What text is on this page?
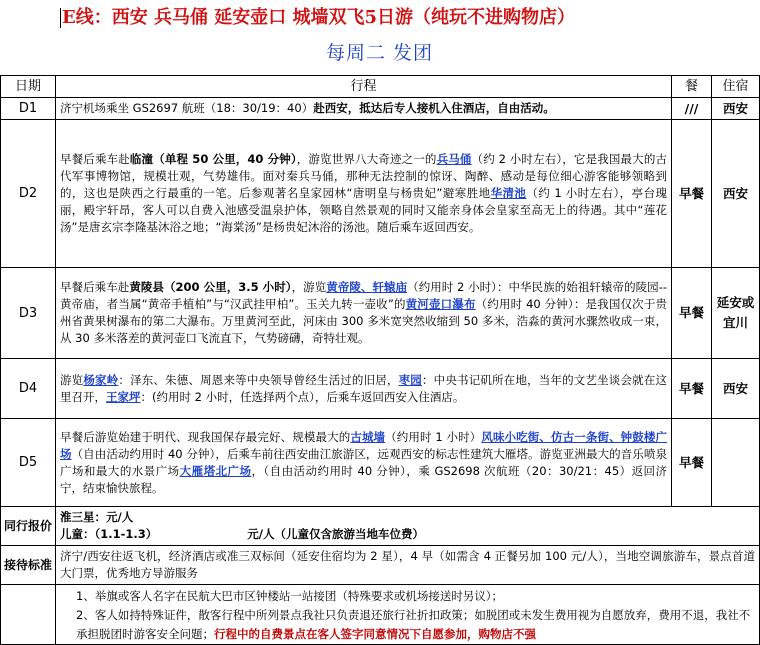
E线：西安 兵马俑 延安壶口 城墙双飞5日游（纯玩不进购物店）
每周二 发团
日期	行程	餐	住宿
D1	济宁机场乘坐 GS2697 航班（18：30/19：40）赴西安，抵达后专人接机入住酒店，自由活动。	///	西安
D2	早餐后乘车赴临潼（单程 50 公里，40 分钟），游览世界八大奇迹之一的兵马俑（约 2 小时左右），它是我国最大的古代军事博物馆，规模壮观，气势雄伟。面对秦兵马俑，那种无法控制的惊讶、陶醉、感动是每位细心游客能够领略到的，这也是陕西之行最重的一笔。后参观著名皇家园林“唐明皇与杨贵妃”避寒胜地华清池（约 1 小时左右），亭台瑰丽，殿宇轩昂，客人可以自费入池感受温泉护体，领略自然景观的同时又能亲身体会皇家至高无上的待遇。其中“莲花汤”是唐玄宗李隆基沐浴之地；“海棠汤”是杨贵妃沐浴的汤池。随后乘车返回西安。	早餐	西安
D3	早餐后乘车赴黄陵县（200 公里，3.5 小时），游览黄帝陵、轩辕庙（约用时 2 小时）：中华民族的始祖轩辕帝的陵园--黄帝庙，者当属“黄帝手植柏”与“汉武挂甲柏”。玉关九转一壶收”的黄河壶口瀑布（约用时 40 分钟）：是我国仅次于贵州省黄果树瀑布的第二大瀑布。万里黄河至此，河床由 300 多米宽突然收缩到 50 多米，浩淼的黄河水骤然收成一束，从 30 多米落差的黄河壶口飞流直下，气势磅礴，奇特壮观。	早餐	延安或宜川
D4	游览杨家岭：泽东、朱德、周恩来等中央领导曾经生活过的旧居，枣园：中央书记矶所在地，当年的文艺坐谈会就在这里召开，王家坪：(约用时 2 小时，任选择两个点），后乘车返回西安入住酒店。	早餐	西安
D5	早餐后游览始建于明代、现我国保存最完好、规模最大的古城墙（约用时 1 小时）风味小吃街、仿古一条街、钟鼓楼广场（自由活动约用时 40 分钟），后乘车前往西安曲江旅游区，远观西安的标志性建筑大雁塔。游览亚洲最大的音乐喷泉广场和最大的水景广场大雁塔北广场，（自由活动约用时 40 分钟），乘 GS2698 次航班（20：30/21：45）返回济宁，结束愉快旅程。	早餐	
同行报价	淮三星：元/人
儿童：（1.1-1.3） 元/人（儿童仅含旅游当地车位费）		

接待标准	济宁/西安往返飞机，经济酒店或准三双标间（延安住宿均为 2 星），4 早（如需含 4 正餐另加 100 元/人），当地空调旅游车，景点首道大门票，优秀地方导游服务		

	1、举旗或客人名字在民航大巴市区钟楼站一站接团（特殊要求或机场接送时另议）；
2、客人如持特殊证件，散客行程中所列景点我社只负责退还旅行社折扣政策；如脱团或未发生费用视为自愿放弃，费用不退，我社不承担脱团时游客安全问题；行程中的自费景点在客人签字同意情况下自愿参加，购物店不强		
